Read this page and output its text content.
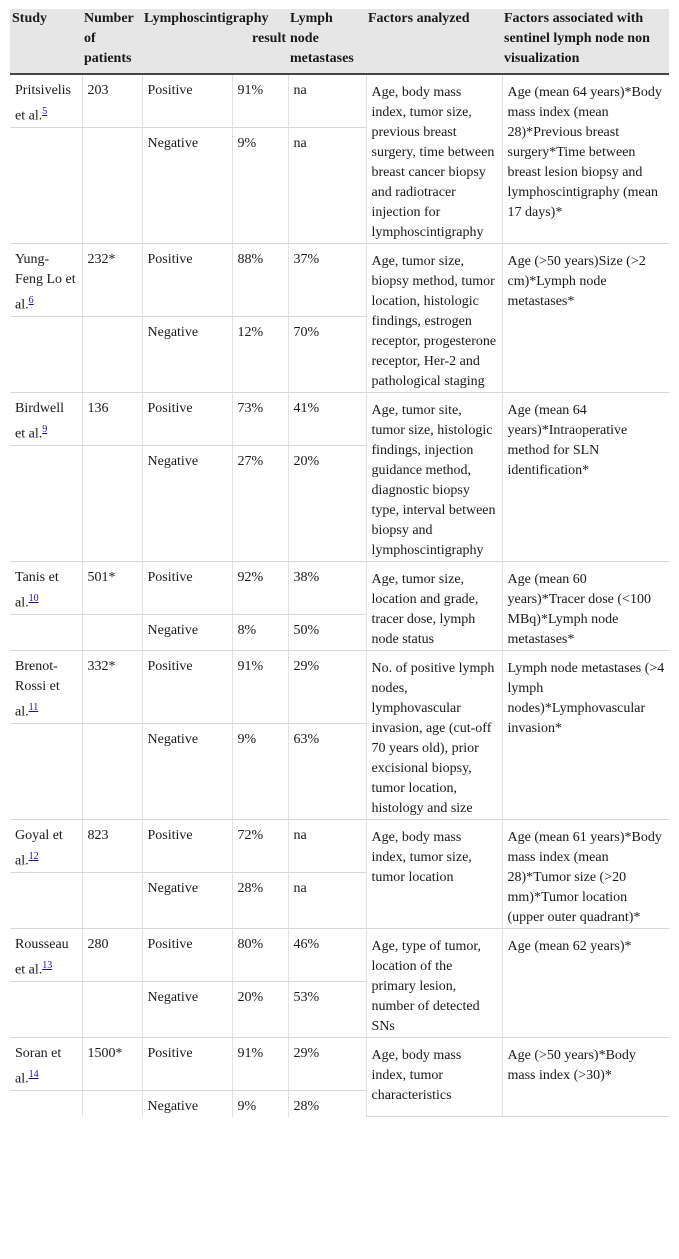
Study	Number of patients	Lymphoscintigraphy result		Lymph node metastases	Factors analyzed	Factors associated with sentinel lymph node non visualization
Pritsivelis et al.$^5$	203	Positive	91%	na	Age, body mass index, tumor size, previous breast surgery, time between breast cancer biopsy and radiotracer injection for lymphoscintigraphy	Age (mean 64 years)*Body mass index (mean 28)*Previous breast surgery*Time between breast lesion biopsy and lymphoscintigraphy (mean 17 days)*
		Negative	9%	na		
Yung-Feng Lo et al.$^6$	232*	Positive	88%	37%	Age, tumor size, biopsy method, tumor location, histologic findings, estrogen receptor, progesterone receptor, Her-2 and pathological staging	Age (>50 years)Size (>2 cm)*Lymph node metastases*
		Negative	12%	70%		
Birdwell et al.$^9$	136	Positive	73%	41%	Age, tumor site, tumor size, histologic findings, injection guidance method, diagnostic biopsy type, interval between biopsy and lymphoscintigraphy	Age (mean 64 years)*Intraoperative method for SLN identification*
		Negative	27%	20%		
Tanis et al.$^{10}$	501*	Positive	92%	38%	Age, tumor size, location and grade, tracer dose, lymph node status	Age (mean 60 years)*Tracer dose (<100 MBq)*Lymph node metastases*
		Negative	8%	50%		
Brenot-Rossi et al.$^{11}$	332*	Positive	91%	29%	No. of positive lymph nodes, lymphovascular invasion, age (cut-off 70 years old), prior excisional biopsy, tumor location, histology and size	Lymph node metastases (>4 lymph nodes)*Lymphovascular invasion*
		Negative	9%	63%		
Goyal et al.$^{12}$	823	Positive	72%	na	Age, body mass index, tumor size, tumor location	Age (mean 61 years)*Body mass index (mean 28)*Tumor size (>20 mm)*Tumor location (upper outer quadrant)*
		Negative	28%	na		
Rousseau et al.$^{13}$	280	Positive	80%	46%	Age, type of tumor, location of the primary lesion, number of detected SNs	Age (mean 62 years)*
		Negative	20%	53%		
Soran et al.$^{14}$	1500*	Positive	91%	29%	Age, body mass index, tumor characteristics	Age (>50 years)*Body mass index (>30)*
		Negative	9%	28%		
